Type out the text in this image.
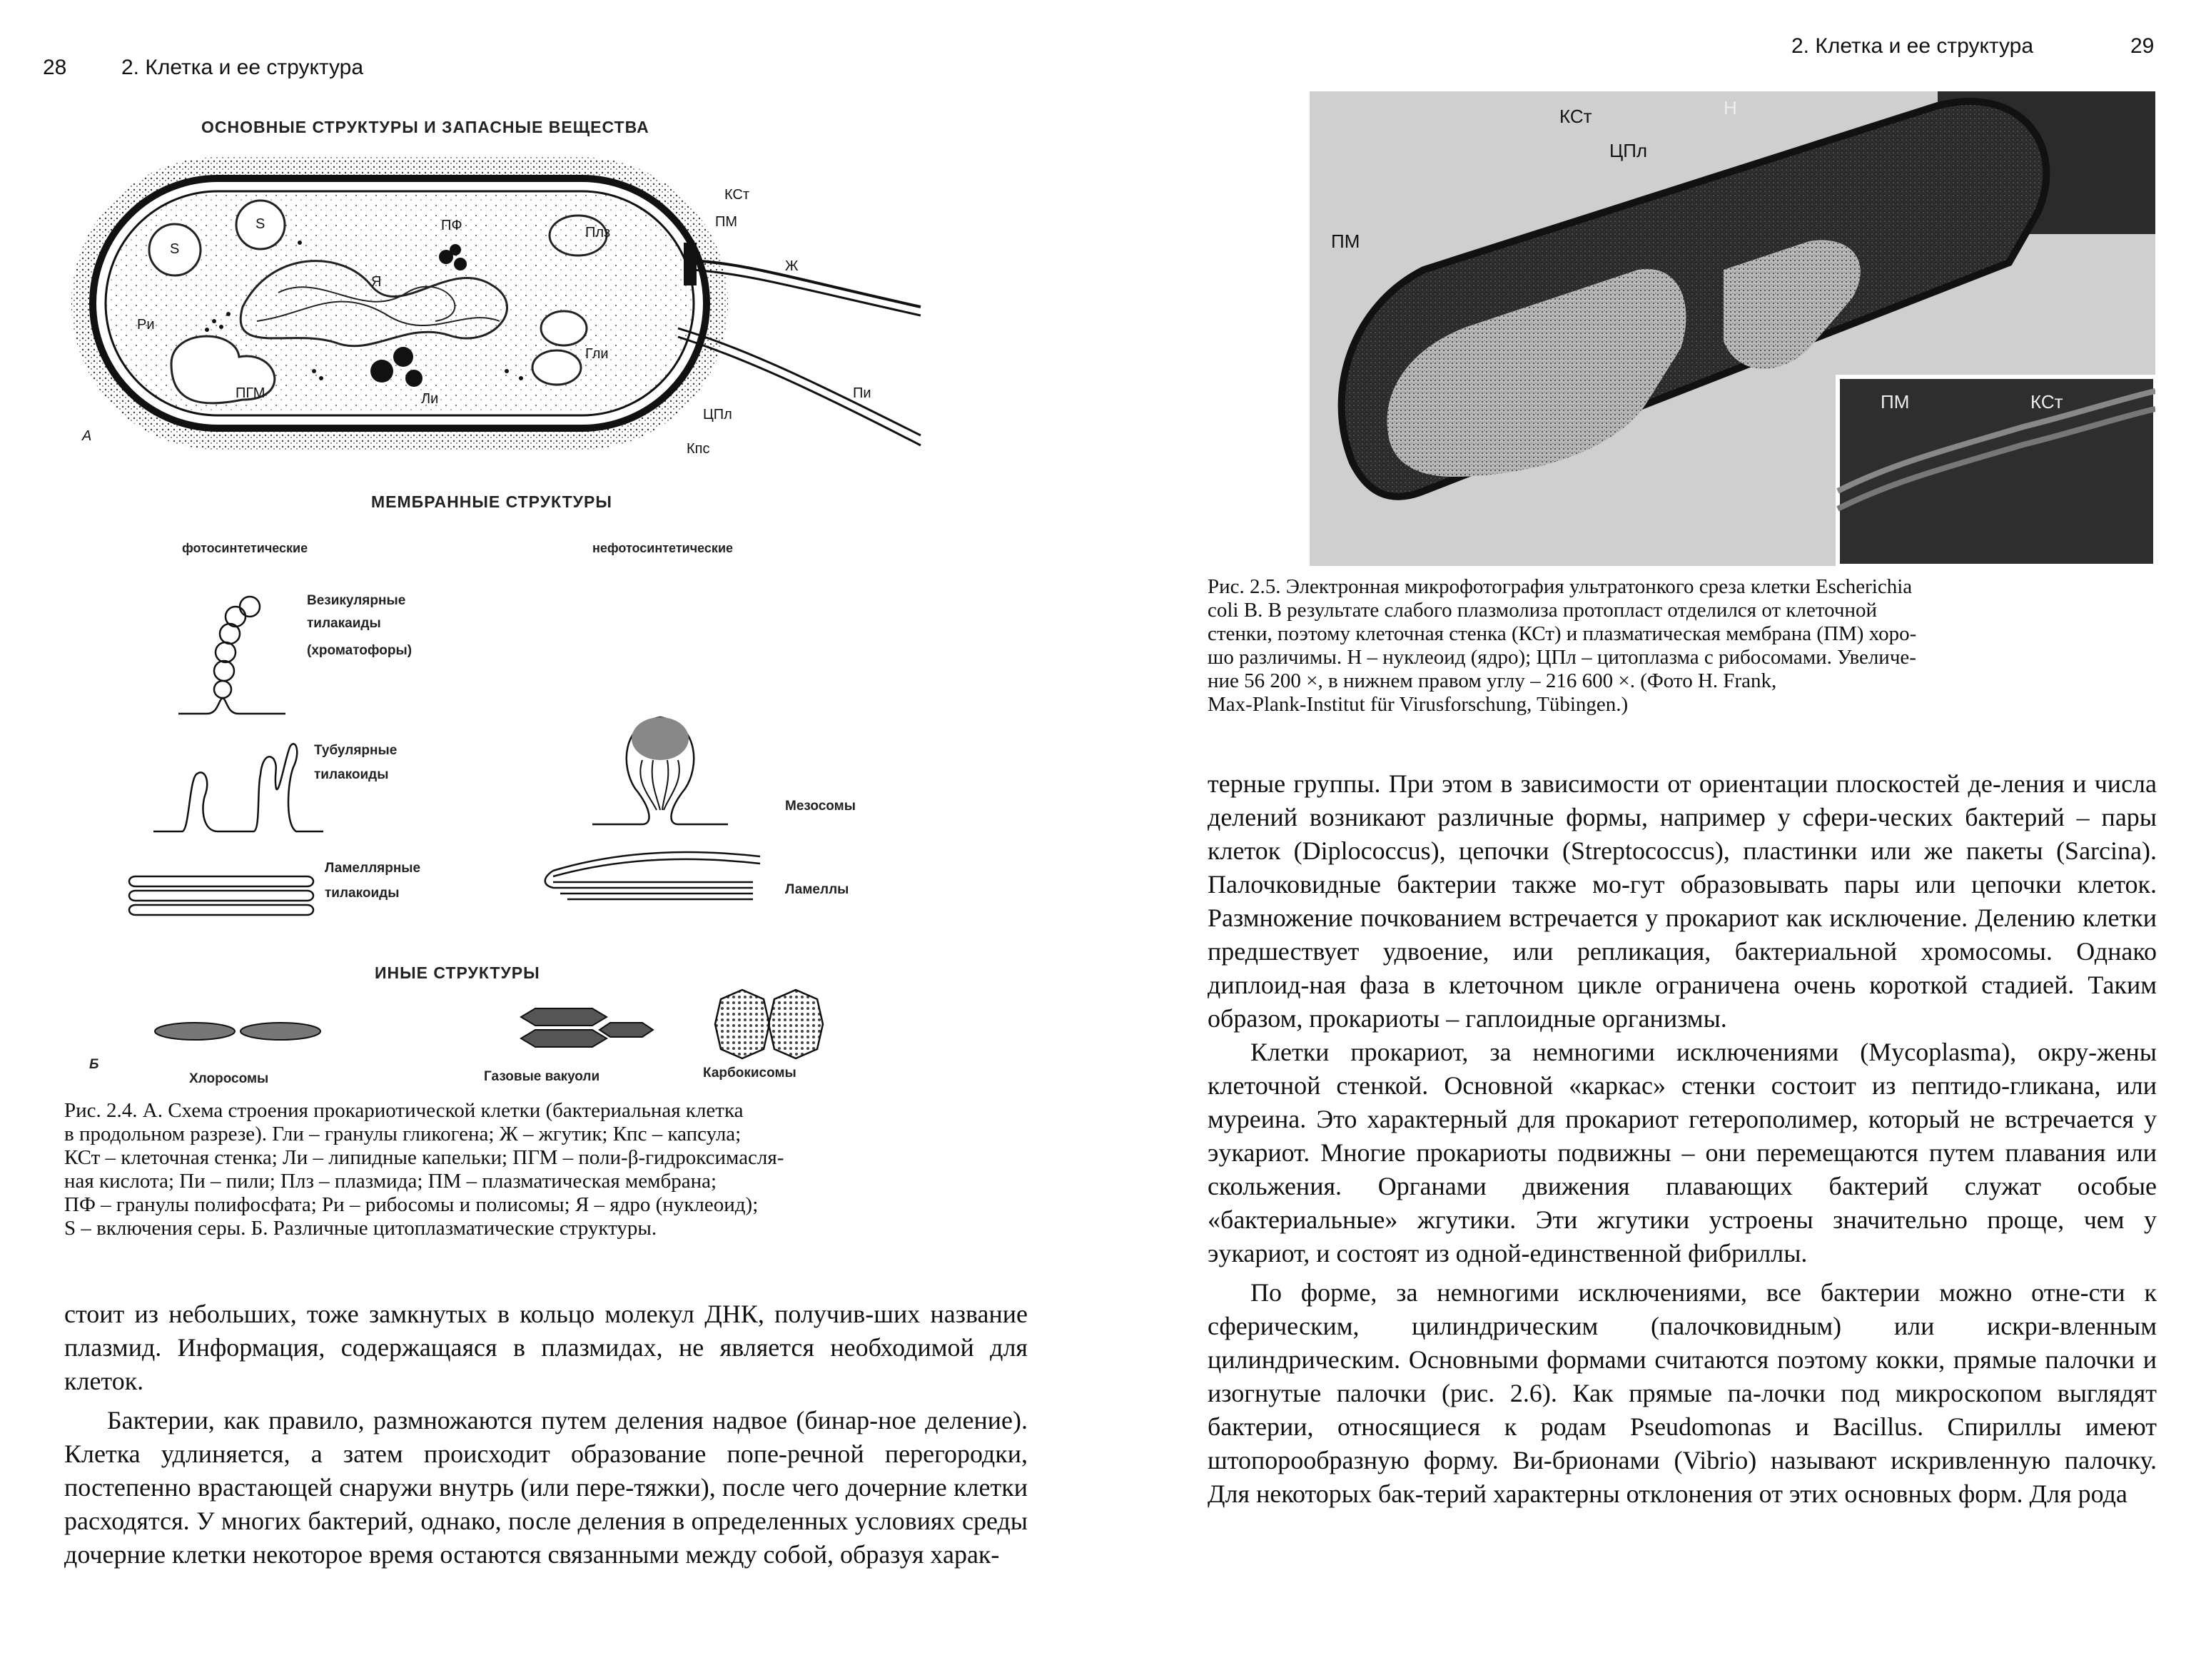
28	2. Клетка и ее структура
ОСНОВНЫЕ СТРУКТУРЫ И ЗАПАСНЫЕ ВЕЩЕСТВА
КСт
ПМ
Ж
Пи
ЦПл
Кпс
S
S	ПФ	Плз
Я
Ри
Гли
ПГМ	Ли
А
МЕМБРАННЫЕ СТРУКТУРЫ
фотосинтетические	нефотосинтетические
Везикулярные
тилакаиды
(хроматофоры)
Тубулярные
тилакоиды
Ламеллярные
тилакоиды
Мезосомы
Ламеллы
ИНЫЕ СТРУКТУРЫ
Б
Хлоросомы	Газовые вакуоли	Карбокисомы
Рис. 2.4. А. Схема строения прокариотической клетки (бактериальная клетка
в продольном разрезе). Гли – гранулы гликогена; Ж – жгутик; Кпс – капсула;
КСт – клеточная стенка; Ли – липидные капельки; ПГМ – поли-β-гидроксимасля-
ная кислота; Пи – пили; Плз – плазмида; ПМ – плазматическая мембрана;
ПФ – гранулы полифосфата; Ри – рибосомы и полисомы; Я – ядро (нуклеоид);
S – включения серы. Б. Различные цитоплазматические структуры.

стоит из небольших, тоже замкнутых в кольцо молекул ДНК, получив-ших название плазмид. Информация, содержащаяся в плазмидах, не является необходимой для клеток.

Бактерии, как правило, размножаются путем деления надвое (бинар-ное деление). Клетка удлиняется, а затем происходит образование попе-речной перегородки, постепенно врастающей снаружи внутрь (или пере-тяжки), после чего дочерние клетки расходятся. У многих бактерий, однако, после деления в определенных условиях среды дочерние клетки некоторое время остаются связанными между собой, образуя харак-

2. Клетка и ее структура	29
ЦПл
КСт	Н
ПМ
ПМ	КСт
Рис. 2.5. Электронная микрофотография ультратонкого среза клетки Escherichia
coli B. В результате слабого плазмолиза протопласт отделился от клеточной
стенки, поэтому клеточная стенка (КСт) и плазматическая мембрана (ПМ) хоро-
шо различимы. Н – нуклеоид (ядро); ЦПл – цитоплазма с рибосомами. Увеличе-
ние 56 200 ×, в нижнем правом углу – 216 600 ×. (Фото H. Frank,
Max-Plank-Institut für Virusforschung, Tübingen.)

терные группы. При этом в зависимости от ориентации плоскостей де-ления и числа делений возникают различные формы, например у сфери-ческих бактерий – пары клеток (Diplococcus), цепочки (Streptococcus), пластинки или же пакеты (Sarcina). Палочковидные бактерии также мо-гут образовывать пары или цепочки клеток. Размножение почкованием встречается у прокариот как исключение. Делению клетки предшествует удвоение, или репликация, бактериальной хромосомы. Однако диплоид-ная фаза в клеточном цикле ограничена очень короткой стадией. Таким образом, прокариоты – гаплоидные организмы.

Клетки прокариот, за немногими исключениями (Mycoplasma), окру-жены клеточной стенкой. Основной «каркас» стенки состоит из пептидо-гликана, или муреина. Это характерный для прокариот гетерополимер, который не встречается у эукариот. Многие прокариоты подвижны – они перемещаются путем плавания или скольжения. Органами движения плавающих бактерий служат особые «бактериальные» жгутики. Эти жгутики устроены значительно проще, чем у эукариот, и состоят из одной-единственной фибриллы.

По форме, за немногими исключениями, все бактерии можно отне-сти к сферическим, цилиндрическим (палочковидным) или искри-вленным цилиндрическим. Основными формами считаются поэтому кокки, прямые палочки и изогнутые палочки (рис. 2.6). Как прямые па-лочки под микроскопом выглядят бактерии, относящиеся к родам Pseudomonas и Bacillus. Спириллы имеют штопорообразную форму. Ви-брионами (Vibrio) называют искривленную палочку. Для некоторых бак-терий характерны отклонения от этих основных форм. Для рода
